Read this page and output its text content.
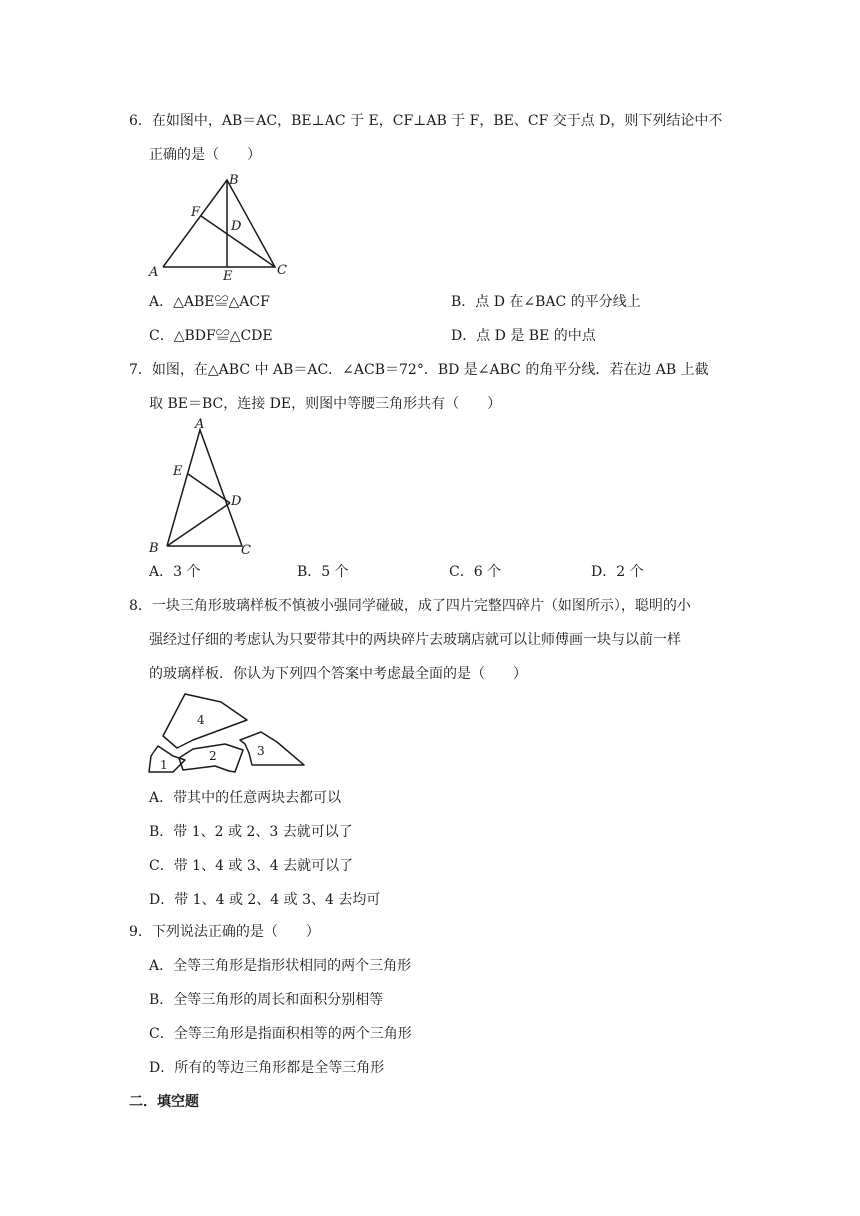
6．在如图中，AB＝AC，BE⊥AC 于 E，CF⊥AB 于 F，BE、CF 交于点 D，则下列结论中不
正确的是（　　）
A
B
C
D
E
F
A．△ABE≌△ACF	B．点 D 在∠BAC 的平分线上
C．△BDF≌△CDE	D．点 D 是 BE 的中点
7．如图，在△ABC 中 AB＝AC．∠ACB＝72°．BD 是∠ABC 的角平分线．若在边 AB 上截
取 BE＝BC，连接 DE，则图中等腰三角形共有（　　）
A
B	C
D
E
A．3 个	B．5 个	C．6 个	D．2 个
8．一块三角形玻璃样板不慎被小强同学碰破，成了四片完整四碎片（如图所示），聪明的小
强经过仔细的考虑认为只要带其中的两块碎片去玻璃店就可以让师傅画一块与以前一样
的玻璃样板．你认为下列四个答案中考虑最全面的是（　　）
4
2	3
1
A．带其中的任意两块去都可以
B．带 1、2 或 2、3 去就可以了
C．带 1、4 或 3、4 去就可以了
D．带 1、4 或 2、4 或 3、4 去均可
9．下列说法正确的是（　　）
A．全等三角形是指形状相同的两个三角形
B．全等三角形的周长和面积分别相等
C．全等三角形是指面积相等的两个三角形
D．所有的等边三角形都是全等三角形
二．填空题
